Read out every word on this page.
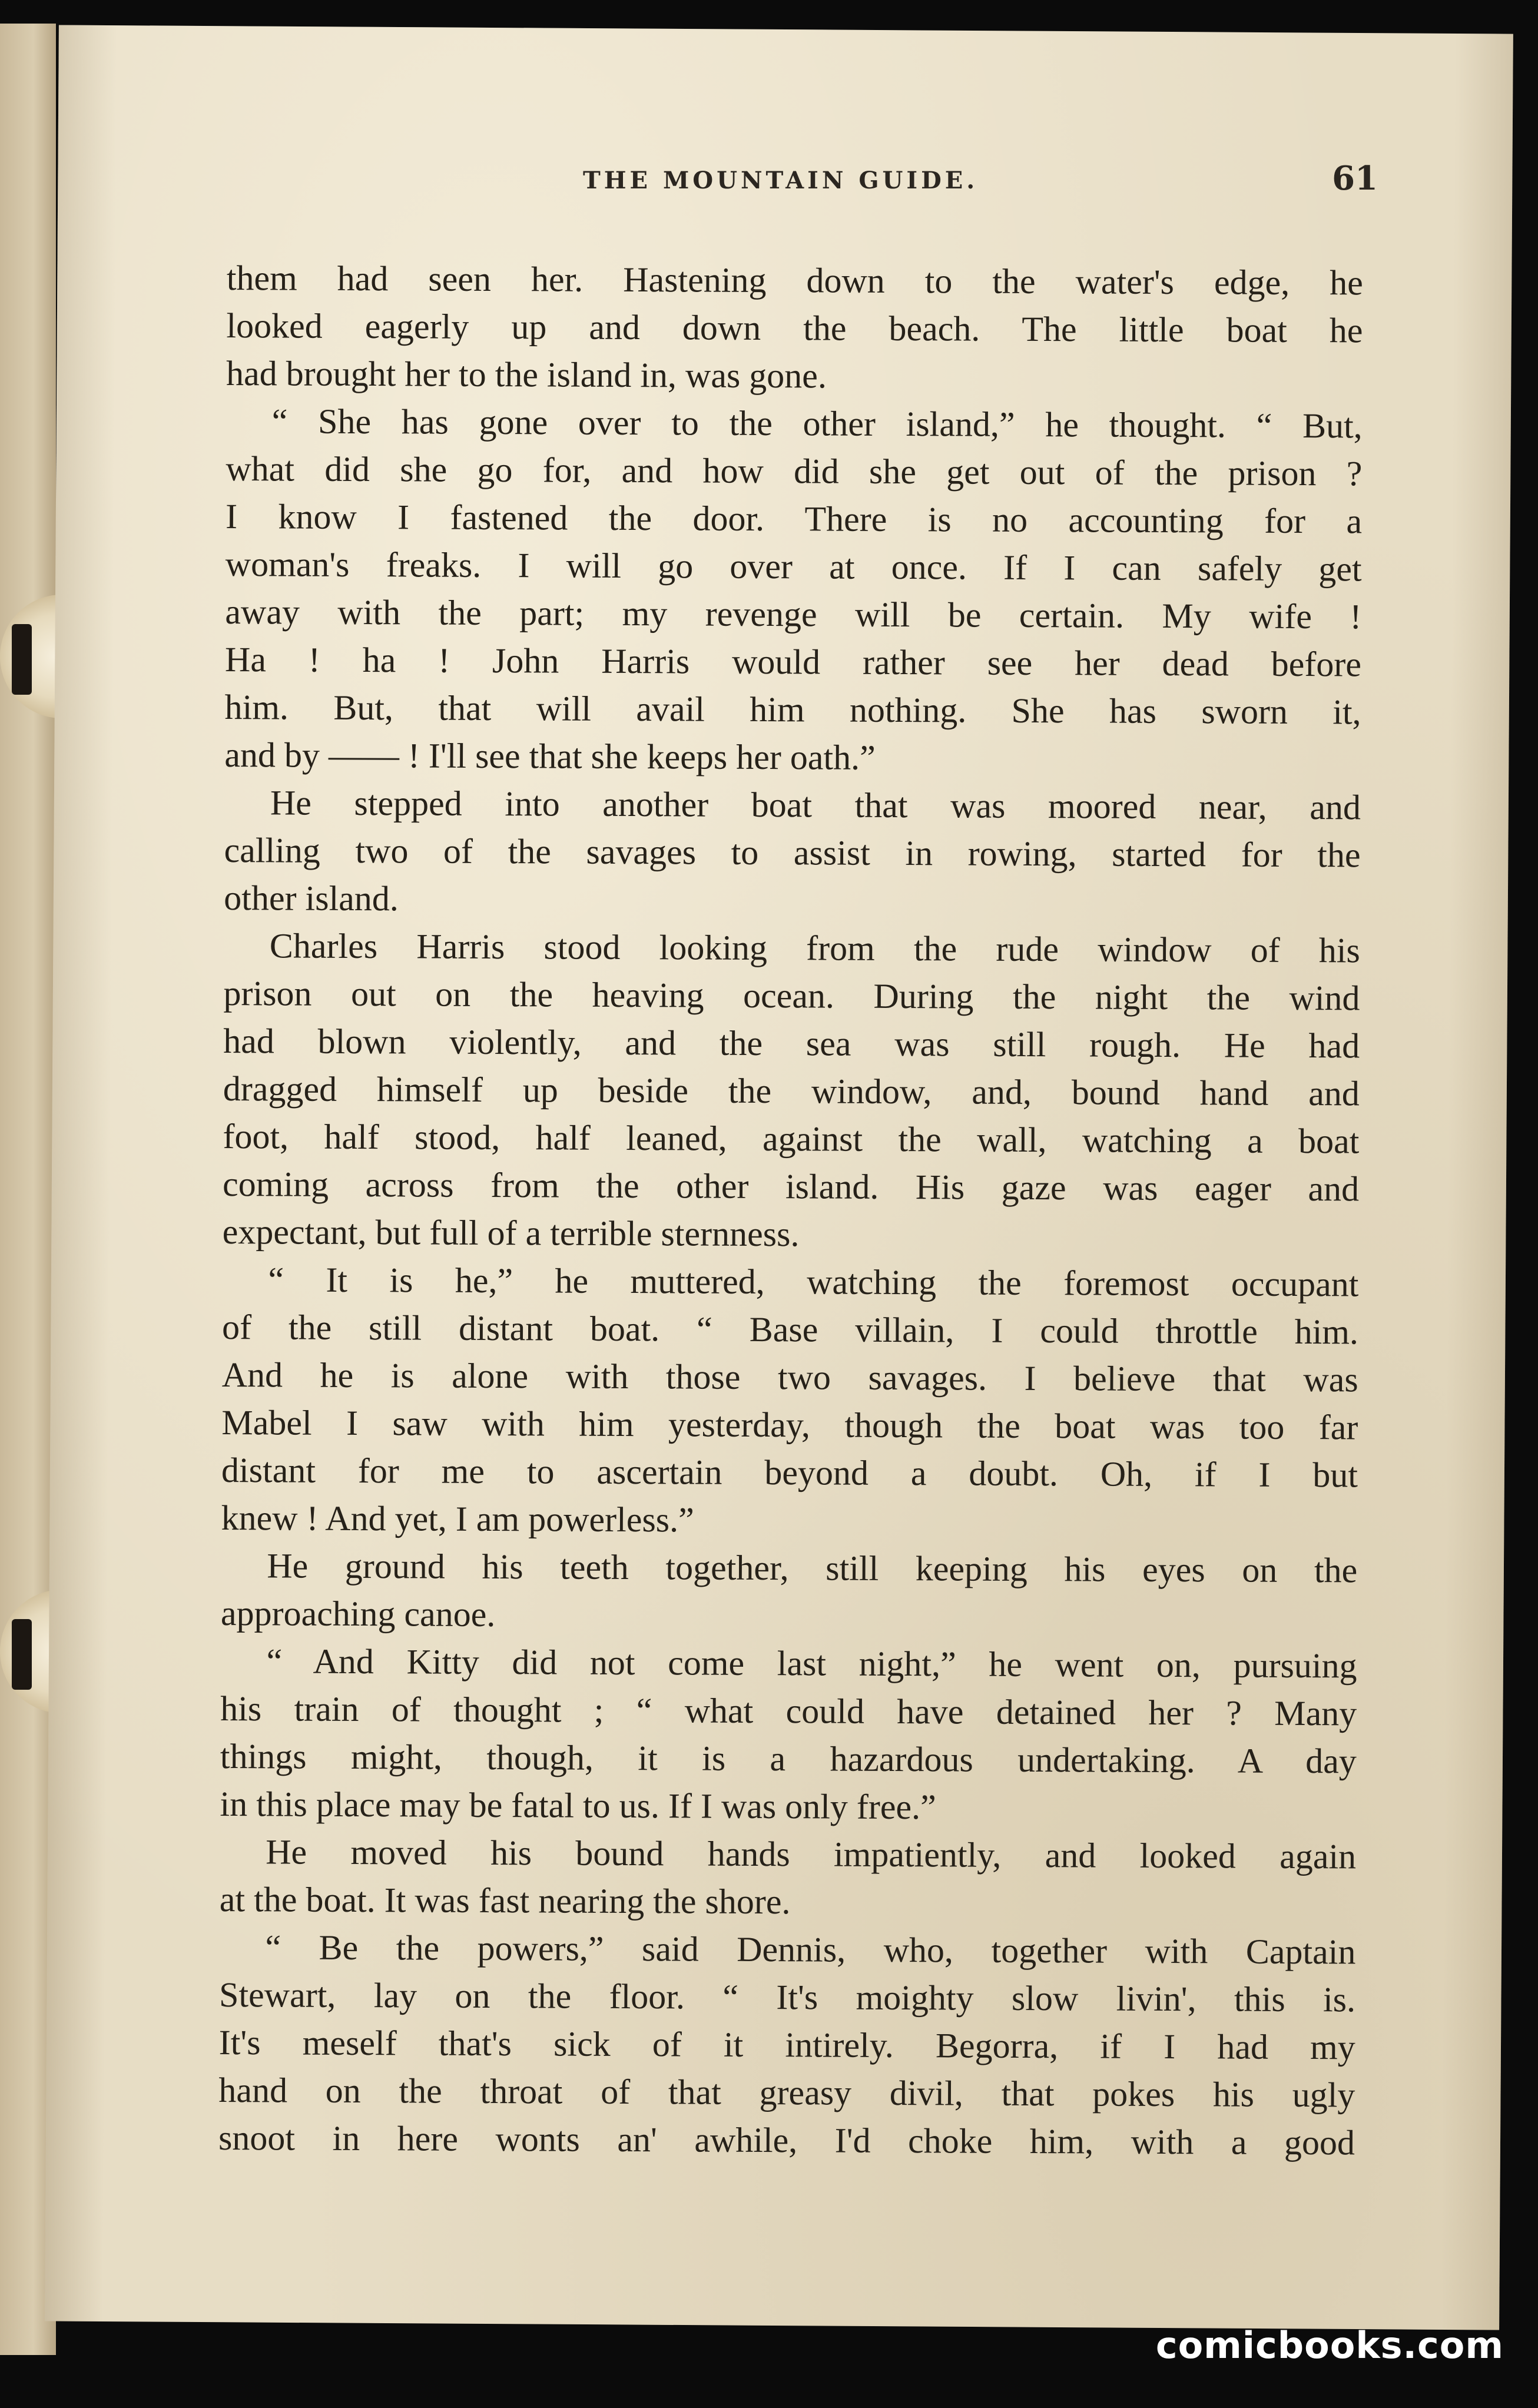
THE MOUNTAIN GUIDE.	61
them had seen her. Hastening down to the water's edge, he
looked eagerly up and down the beach. The little boat he
had brought her to the island in, was gone.
“ She has gone over to the other island,” he thought. “ But,
what did she go for, and how did she get out of the prison ?
I know I fastened the door. There is no accounting for a
woman's freaks. I will go over at once. If I can safely get
away with the part; my revenge will be certain. My wife !
Ha ! ha ! John Harris would rather see her dead before
him. But, that will avail him nothing. She has sworn it,
and by —— ! I'll see that she keeps her oath.”
He stepped into another boat that was moored near, and
calling two of the savages to assist in rowing, started for the
other island.
Charles Harris stood looking from the rude window of his
prison out on the heaving ocean. During the night the wind
had blown violently, and the sea was still rough. He had
dragged himself up beside the window, and, bound hand and
foot, half stood, half leaned, against the wall, watching a boat
coming across from the other island. His gaze was eager and
expectant, but full of a terrible sternness.
“ It is he,” he muttered, watching the foremost occupant
of the still distant boat. “ Base villain, I could throttle him.
And he is alone with those two savages. I believe that was
Mabel I saw with him yesterday, though the boat was too far
distant for me to ascertain beyond a doubt. Oh, if I but
knew ! And yet, I am powerless.”
He ground his teeth together, still keeping his eyes on the
approaching canoe.
“ And Kitty did not come last night,” he went on, pursuing
his train of thought ; “ what could have detained her ? Many
things might, though, it is a hazardous undertaking. A day
in this place may be fatal to us. If I was only free.”
He moved his bound hands impatiently, and looked again
at the boat. It was fast nearing the shore.
“ Be the powers,” said Dennis, who, together with Captain
Stewart, lay on the floor. “ It's moighty slow livin', this is.
It's meself that's sick of it intirely. Begorra, if I had my
hand on the throat of that greasy divil, that pokes his ugly
snoot in here wonts an' awhile, I'd choke him, with a good
comicbooks.com
